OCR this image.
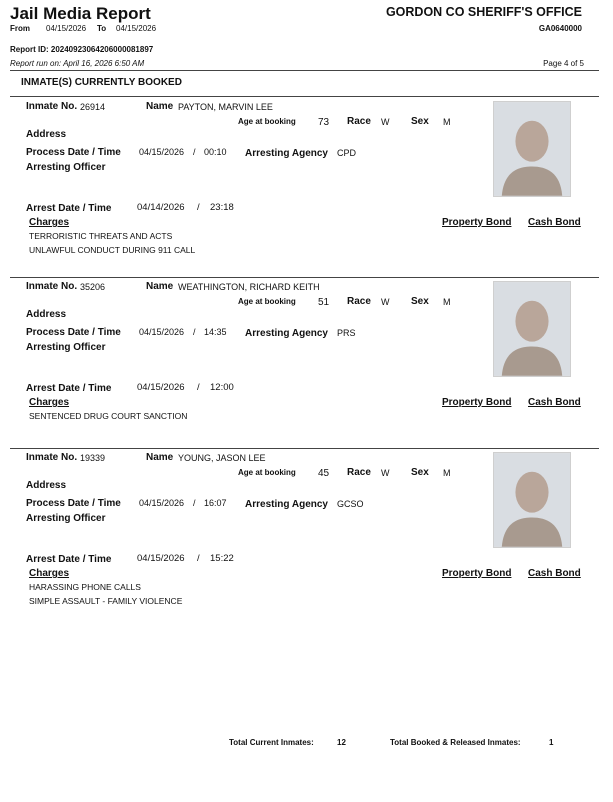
Jail Media Report
From 04/15/2026 To 04/15/2026
GORDON CO SHERIFF'S OFFICE
GA0640000
Report ID: 20240923064206000081897
Report run on: April 16, 2026 6:50 AM	Page 4 of 5
INMATE(S) CURRENTLY BOOKED
Inmate No. 26914	Name PAYTON, MARVIN LEE
Age at booking 73 Race W Sex M
Address
Process Date / Time 04/15/2026 / 00:10 Arresting Agency CPD
Arresting Officer
Arrest Date / Time	04/14/2026 / 23:18
Charges	Property Bond Cash Bond
TERRORISTIC THREATS AND ACTS
UNLAWFUL CONDUCT DURING 911 CALL
Inmate No. 35206	Name WEATHINGTON, RICHARD KEITH
Age at booking 51 Race W Sex M
Address
Process Date / Time 04/15/2026 / 14:35 Arresting Agency PRS
Arresting Officer
Arrest Date / Time	04/15/2026 / 12:00
Charges	Property Bond Cash Bond
SENTENCED DRUG COURT SANCTION
Inmate No. 19339	Name YOUNG, JASON LEE
Age at booking 45 Race W Sex M
Address
Process Date / Time 04/15/2026 / 16:07 Arresting Agency GCSO
Arresting Officer
Arrest Date / Time	04/15/2026 / 15:22
Charges	Property Bond Cash Bond
HARASSING PHONE CALLS
SIMPLE ASSAULT - FAMILY VIOLENCE
Total Current Inmates:	12	Total Booked & Released Inmates:	1
